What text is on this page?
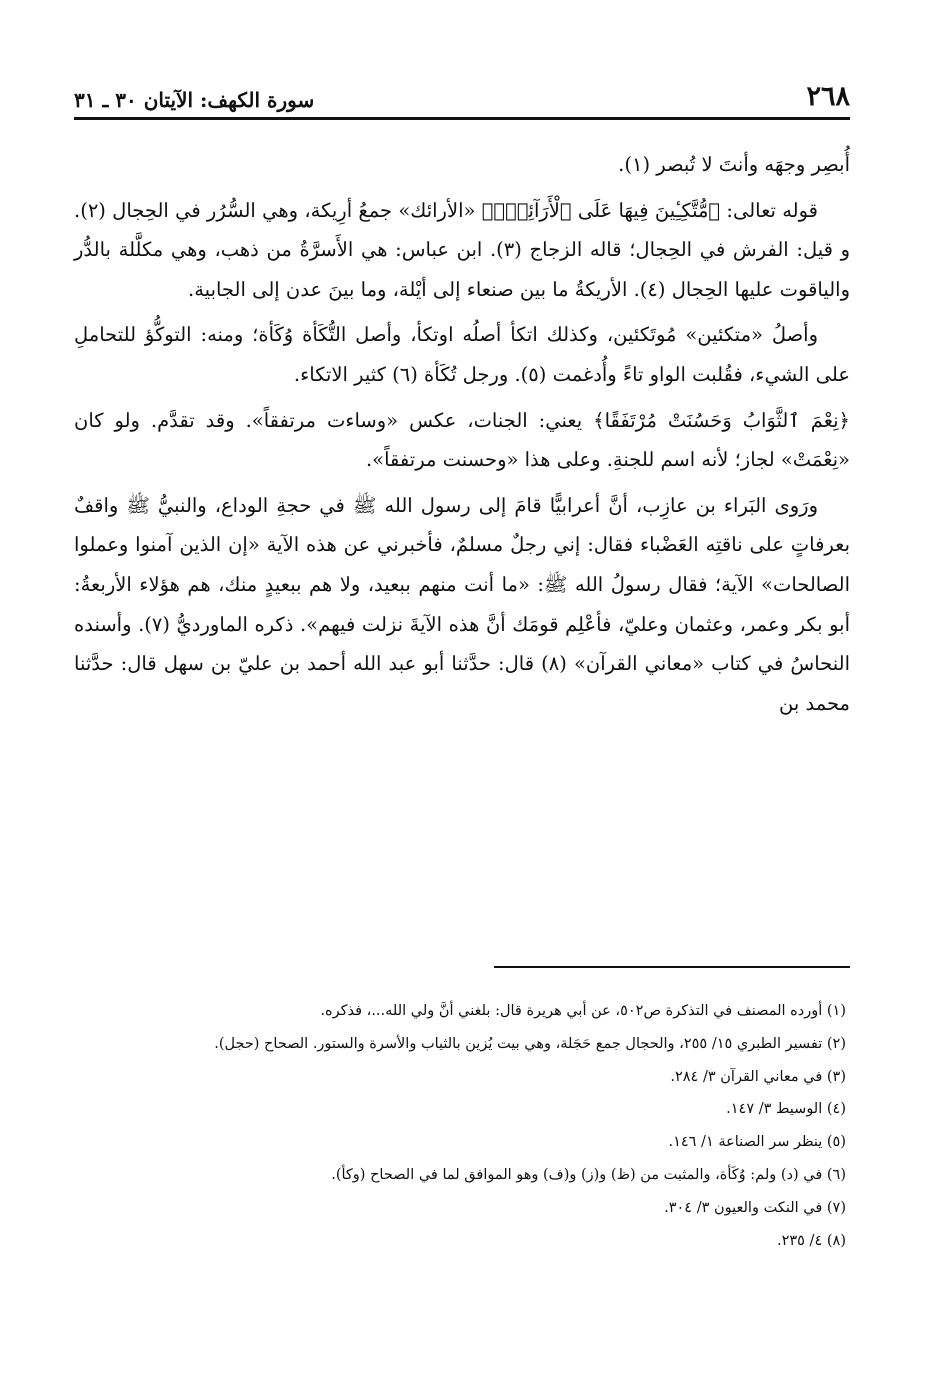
٢٦٨
سورة الكهف: الآيتان ٣٠ ـ ٣١

أُبصِر وجهَه وأنتَ لا تُبصر (١).

قوله تعالى: ﴿مُّتَّكِـِٔينَ فِيهَا عَلَى ٱلْأَرَآئِكِۚ﴾ «الأرائك» جمعُ أرِيكة، وهي السُّرُر في الحِجال (٢). و قيل: الفرش في الحِجال؛ قاله الزجاج (٣). ابن عباس: هي الأَسرَّةُ من ذهب، وهي مكلَّلة بالدُّر والياقوت عليها الحِجال (٤). الأريكةُ ما بين صنعاء إلى أيْلة، وما بينَ عدن إلى الجابية.

وأصلُ «متكئين» مُوتَكئين، وكذلك اتكأ أصلُه اوتكأ، وأصل التُّكَأة وُكَأة؛ ومنه: التوكُّؤ للتحاملِ على الشيء، فقُلبت الواو تاءً وأُدغمت (٥). ورجل تُكَأة (٦) كثير الاتكاء.

﴿نِعْمَ ٱلثَّوَابُ وَحَسُنَتْ مُرْتَفَقًا﴾ يعني: الجنات، عكس «وساءت مرتفقاً». وقد تقدَّم. ولو كان «نِعْمَتْ» لجاز؛ لأنه اسم للجنةِ. وعلى هذا «وحسنت مرتفقاً».

ورَوى البَراء بن عازِب، أنَّ أعرابيًّا قامَ إلى رسول الله ﷺ في حجةِ الوداع، والنبيُّ ﷺ واقفٌ بعرفاتٍ على ناقتِه العَضْباء فقال: إني رجلٌ مسلمٌ، فأخبرني عن هذه الآية «إن الذين آمنوا وعملوا الصالحات» الآية؛ فقال رسولُ الله ﷺ: «ما أنت منهم ببعيد، ولا هم ببعيدٍ منك، هم هؤلاء الأربعةُ: أبو بكر وعمر، وعثمان وعليّ، فأعْلِم قومَك أنَّ هذه الآيةَ نزلت فيهم». ذكره الماورديُّ (٧). وأسنده النحاسُ في كتاب «معاني القرآن» (٨) قال: حدَّثنا أبو عبد الله أحمد بن عليّ بن سهل قال: حدَّثنا محمد بن

(١) أورده المصنف في التذكرة ص٥٠٢، عن أبي هريرة قال: بلغني أنَّ ولي الله...، فذكره.

(٢) تفسير الطبري ١٥/ ٢٥٥، والحجال جمع حَجَلة، وهي بيت يُزين بالثياب والأسرة والستور. الصحاح (حجل).

(٣) في معاني القرآن ٣/ ٢٨٤.

(٤) الوسيط ٣/ ١٤٧.

(٥) ينظر سر الصناعة ١/ ١٤٦.

(٦) في (د) ولم: وُكَأة، والمثبت من (ظ) و(ز) و(ف) وهو الموافق لما في الصحاح (وكأ).

(٧) في النكت والعيون ٣/ ٣٠٤.

(٨) ٤/ ٢٣٥.
